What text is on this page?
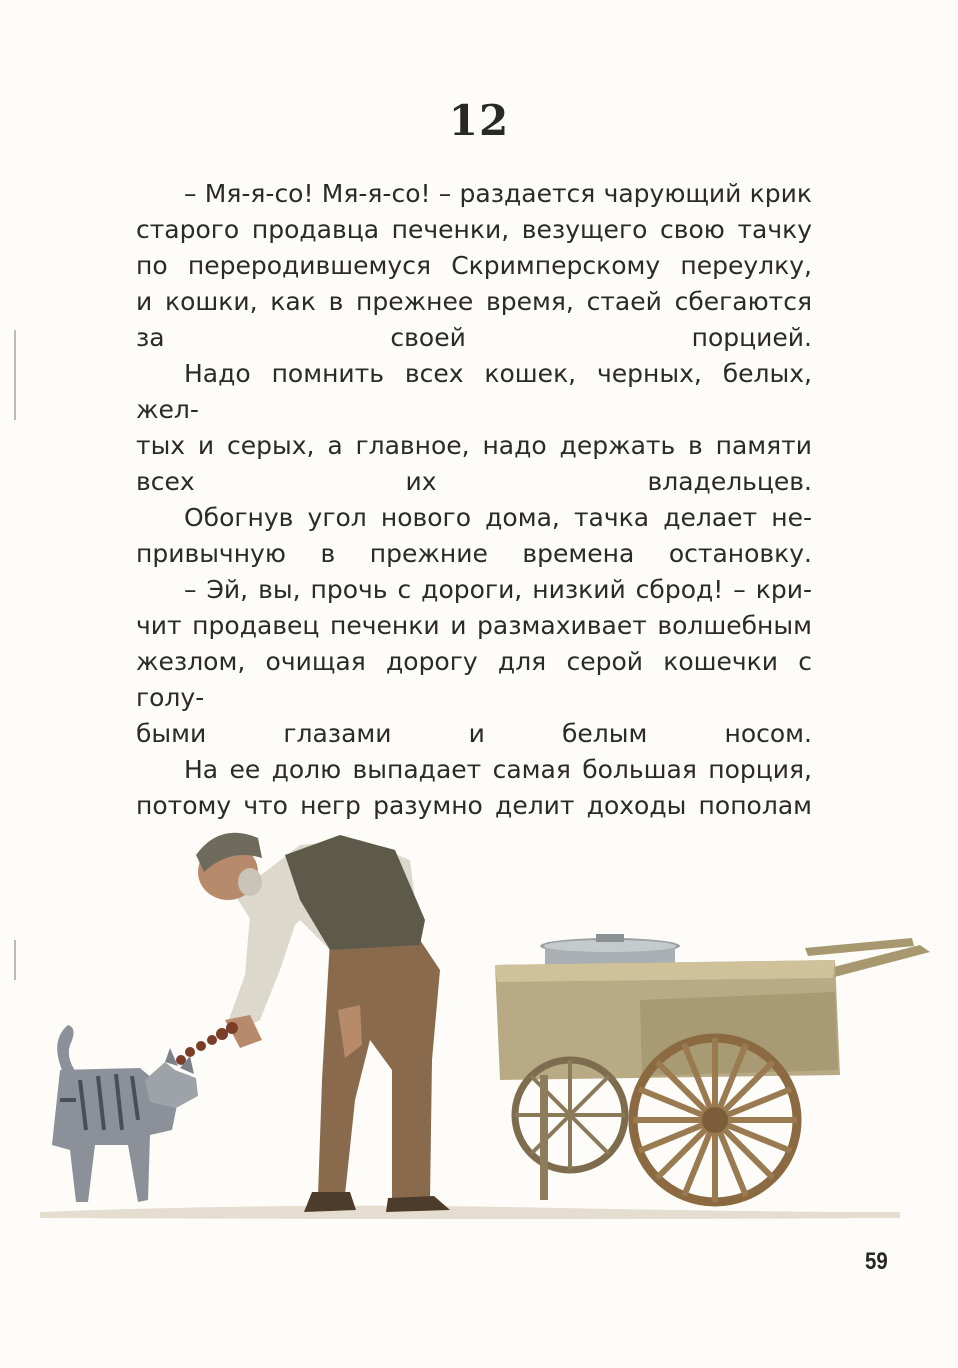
12

– Мя-я-со! Мя-я-со! – раздается чарующий крик
старого продавца печенки, везущего свою тачку
по переродившемуся Скримперскому переулку,
и кошки, как в прежнее время, стаей сбегаются
за своей порцией.

Надо помнить всех кошек, черных, белых, жел-
тых и серых, а главное, надо держать в памяти
всех их владельцев.

Обогнув угол нового дома, тачка делает не-
привычную в прежние времена остановку.

– Эй, вы, прочь с дороги, низкий сброд! – кри-
чит продавец печенки и размахивает волшебным
жезлом, очищая дорогу для серой кошечки с голу-
быми глазами и белым носом.

На ее долю выпадает самая большая порция,
потому что негр разумно делит доходы пополам

59
